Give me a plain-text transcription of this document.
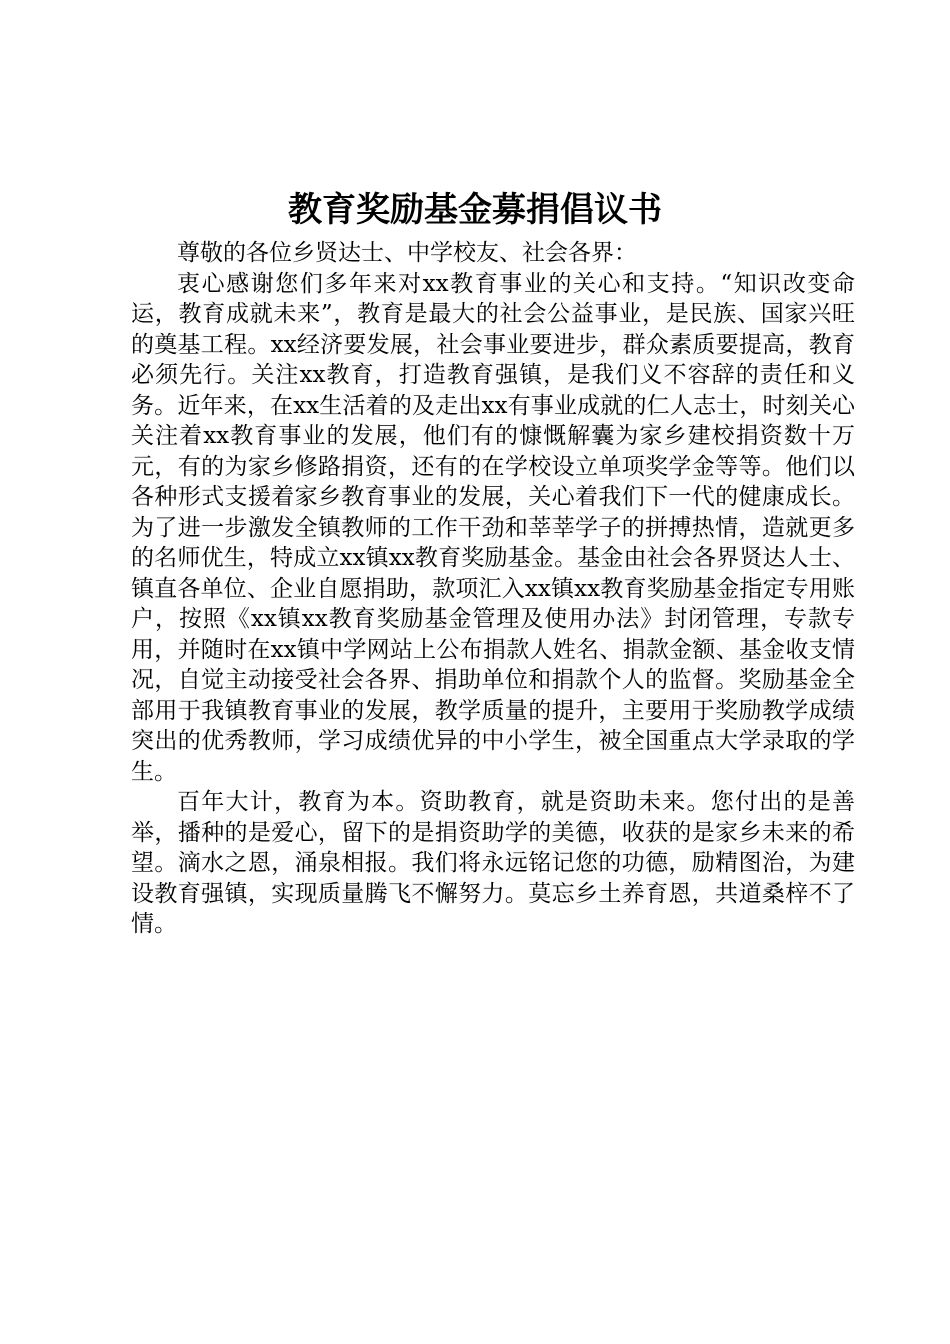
教育奖励基金募捐倡议书

尊敬的各位乡贤达士、中学校友、社会各界：

衷心感谢您们多年来对xx教育事业的关心和支持。“知识改变命运，教育成就未来”，教育是最大的社会公益事业，是民族、国家兴旺的奠基工程。xx经济要发展，社会事业要进步，群众素质要提高，教育必须先行。关注xx教育，打造教育强镇，是我们义不容辞的责任和义务。近年来，在xx生活着的及走出xx有事业成就的仁人志士，时刻关心关注着xx教育事业的发展，他们有的慷慨解囊为家乡建校捐资数十万元，有的为家乡修路捐资，还有的在学校设立单项奖学金等等。他们以各种形式支援着家乡教育事业的发展，关心着我们下一代的健康成长。为了进一步激发全镇教师的工作干劲和莘莘学子的拼搏热情，造就更多的名师优生，特成立xx镇xx教育奖励基金。基金由社会各界贤达人士、镇直各单位、企业自愿捐助，款项汇入xx镇xx教育奖励基金指定专用账户，按照《xx镇xx教育奖励基金管理及使用办法》封闭管理，专款专用，并随时在xx镇中学网站上公布捐款人姓名、捐款金额、基金收支情况，自觉主动接受社会各界、捐助单位和捐款个人的监督。奖励基金全部用于我镇教育事业的发展，教学质量的提升，主要用于奖励教学成绩突出的优秀教师，学习成绩优异的中小学生，被全国重点大学录取的学生。

百年大计，教育为本。资助教育，就是资助未来。您付出的是善举，播种的是爱心，留下的是捐资助学的美德，收获的是家乡未来的希望。滴水之恩，涌泉相报。我们将永远铭记您的功德，励精图治，为建设教育强镇，实现质量腾飞不懈努力。莫忘乡土养育恩，共道桑梓不了情。
